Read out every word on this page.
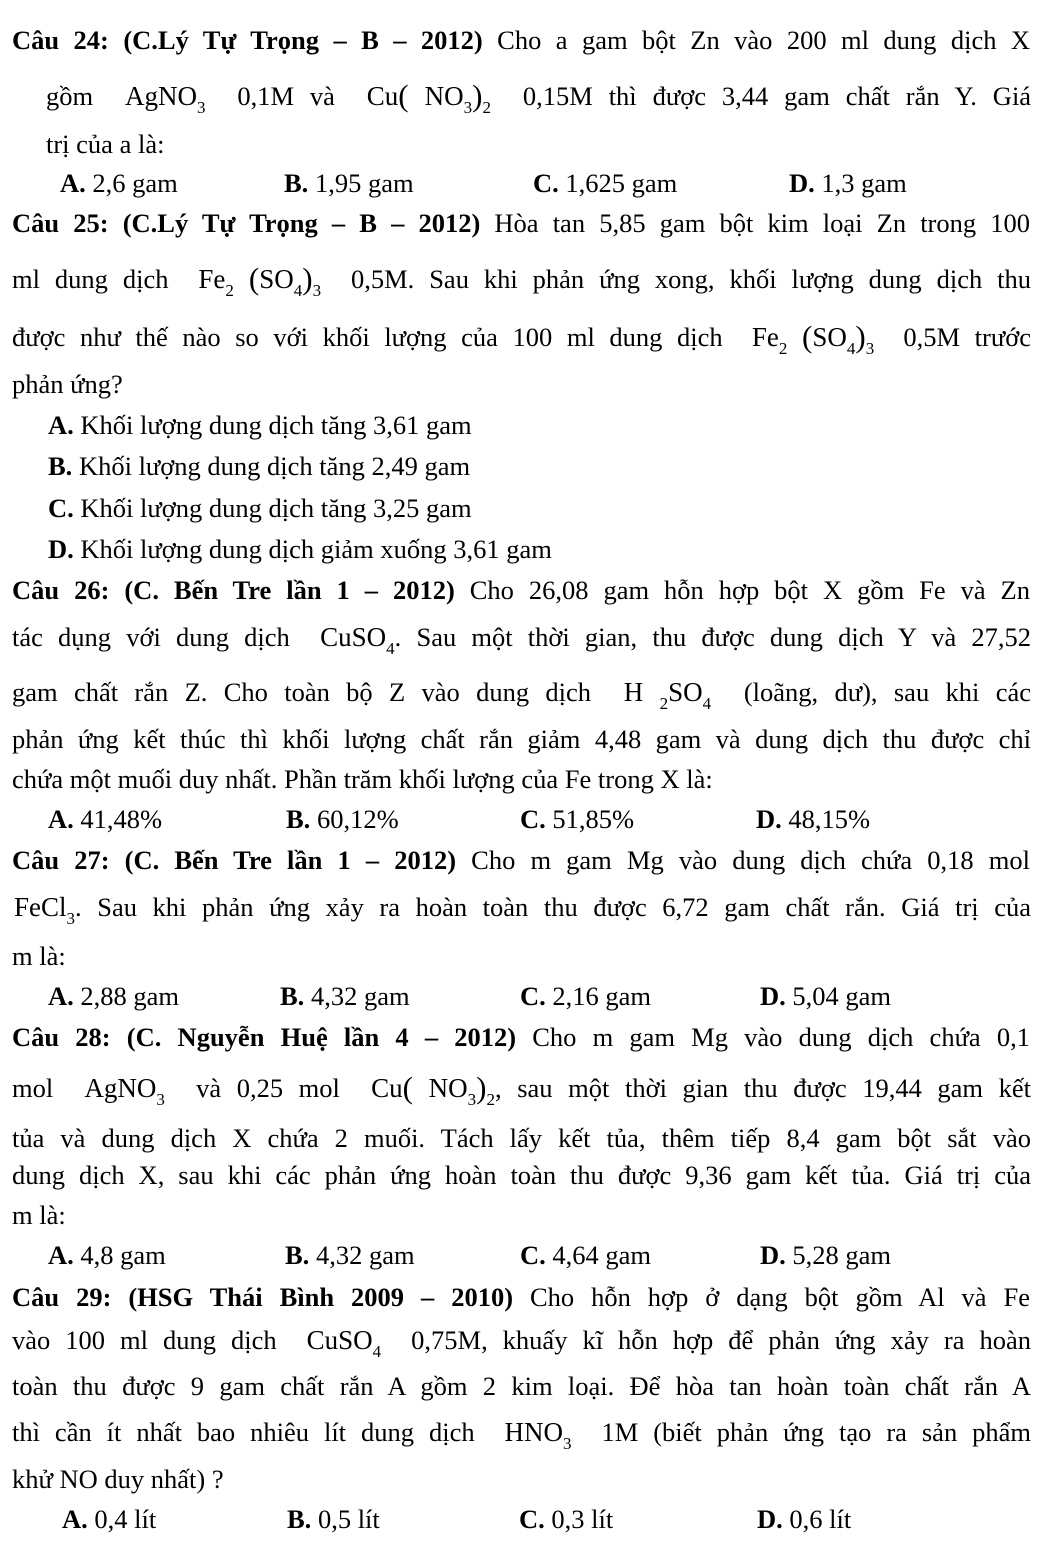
Câu 24: (C.Lý Tự Trọng – B – 2012) Cho a gam bột Zn vào 200 ml dung dịch X
gồm AgNO$_3$ 0,1M và Cu( $NO_3)_2$ 0,15M thì được 3,44 gam chất rắn Y. Giá
trị của a là:
A. 2,6 gam	B. 1,95 gam	C. 1,625 gam	D. 1,3 gam
Câu 25: (C.Lý Tự Trọng – B – 2012) Hòa tan 5,85 gam bột kim loại Zn trong 100
ml dung dịch $Fe_2$ $(SO_4)_3$ 0,5M. Sau khi phản ứng xong, khối lượng dung dịch thu
được như thế nào so với khối lượng của 100 ml dung dịch $Fe_2$ $(SO_4)_3$ 0,5M trước
phản ứng?
A. Khối lượng dung dịch tăng 3,61 gam
B. Khối lượng dung dịch tăng 2,49 gam
C. Khối lượng dung dịch tăng 3,25 gam
D. Khối lượng dung dịch giảm xuống 3,61 gam
Câu 26: (C. Bến Tre lần 1 – 2012) Cho 26,08 gam hỗn hợp bột X gồm Fe và Zn
tác dụng với dung dịch CuSO$_4$. Sau một thời gian, thu được dung dịch Y và 27,52
gam chất rắn Z. Cho toàn bộ Z vào dung dịch H $_2SO_4$ (loãng, dư), sau khi các
phản ứng kết thúc thì khối lượng chất rắn giảm 4,48 gam và dung dịch thu được chỉ
chứa một muối duy nhất. Phần trăm khối lượng của Fe trong X là:
A. 41,48%	B. 60,12%	C. 51,85%	D. 48,15%
Câu 27: (C. Bến Tre lần 1 – 2012) Cho m gam Mg vào dung dịch chứa 0,18 mol
FeCl$_3$. Sau khi phản ứng xảy ra hoàn toàn thu được 6,72 gam chất rắn. Giá trị của
m là:
A. 2,88 gam	B. 4,32 gam	C. 2,16 gam	D. 5,04 gam
Câu 28: (C. Nguyễn Huệ lần 4 – 2012) Cho m gam Mg vào dung dịch chứa 0,1
mol AgNO$_3$ và 0,25 mol Cu( $NO_3)_2$, sau một thời gian thu được 19,44 gam kết
tủa và dung dịch X chứa 2 muối. Tách lấy kết tủa, thêm tiếp 8,4 gam bột sắt vào
dung dịch X, sau khi các phản ứng hoàn toàn thu được 9,36 gam kết tủa. Giá trị của
m là:
A. 4,8 gam	B. 4,32 gam	C. 4,64 gam	D. 5,28 gam
Câu 29: (HSG Thái Bình 2009 – 2010) Cho hỗn hợp ở dạng bột gồm Al và Fe
vào 100 ml dung dịch CuSO$_4$ 0,75M, khuấy kĩ hỗn hợp để phản ứng xảy ra hoàn
toàn thu được 9 gam chất rắn A gồm 2 kim loại. Để hòa tan hoàn toàn chất rắn A
thì cần ít nhất bao nhiêu lít dung dịch $HNO_3$ 1M (biết phản ứng tạo ra sản phẩm
khử NO duy nhất) ?
A. 0,4 lít	B. 0,5 lít	C. 0,3 lít	D. 0,6 lít
